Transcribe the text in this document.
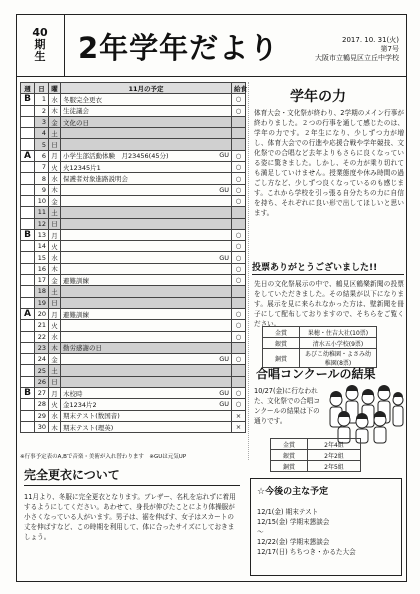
40
期
生 2年学年だより	2017. 10. 31(火)
第7号
大阪市立鶴見区立丘中学校
週	日	曜	11月の予定	給食
B	1	水	冬服完全更衣	○
	2	木	生徒議会	○
	3	金	文化の日	

	4	土	

	5	日	

A	6	月	小学生部活動体験　月23456(45分) GU	○
	7	火	火12345片1	○
	8	水	保護者対象進路説明会	○
	9	木	GU	○
	10	金		○
	11	土	

	12	日	

B	13	月		○
	14	火		○
	15	水	GU	○
	16	木		○
	17	金	避難訓練	○
	18	土	

	19	日	

A	20	月	避難訓練	○
	21	火		○
	22	水		○
	23	木	勤労感謝の日	

	24	金	GU	○
	25	土	

	26	日	

B	27	月	木校時 GU	○
	28	火	金1234片2 GU	○
	29	水	期末テスト(数国音)	×
	30	木	期末テスト(理英)	×
※行事予定表のA,Bで音楽・美術が入れ替わります　※GUは元気UP
学年の力
体育大会・文化祭が終わり、2学期のメイン行事が終わりました。２つの行事を通して感じたのは、学年の力です。２年生になり、少しずつ力が増し、体育大会での行進や応援合戦や学年競技、文化祭での合唱など去年よりもさらに良くなっている姿に驚きました。しかし、その力が乗り切れても満足していけません。授業態度や休み時間の過ごし方など、少しずつ良くなっているのも感じます。これから学校を引っ張る自分たちの力に自信を持ち、それぞれに良い形で出してほしいと思います。
投票ありがとうございました!!
先日の文化祭展示の中で、鶴見区鶴樂新聞の投票をしていただきました。その結果が以下になります。展示を見に来られなかった方は、壁新聞を冊子にして配布しておりますので、そちらをご覧ください。
金賞	果穂・住吉大社(10票)
銀賞	清水五小学校(9票)
銅賞	あびこ幼稚園・よさみ幼稚園(8票)
合唱コンクールの結果
10/27(金)に行なわれた、文化祭での合唱コンクールの結果は下の通りです。
金賞	2年4組
銀賞	2年2組
銅賞	2年5組
完全更衣について
11月より、冬服に完全更衣となります。ブレザー、名札を忘れずに着用するようにしてください。あわせて、身長が伸びたことにより体操服が小さくなっている人がいます。男子は、裾を伸ばす、女子はスカートの丈を伸ばすなど、この時期を利用して、体に合ったサイズにしておきましょう。
☆今後の主な予定
12/1(金) 期末テスト
12/15(金) 学期末懇談会
～
12/22(金) 学期末懇談会
12/17(日) ちちつき・かるた大会
